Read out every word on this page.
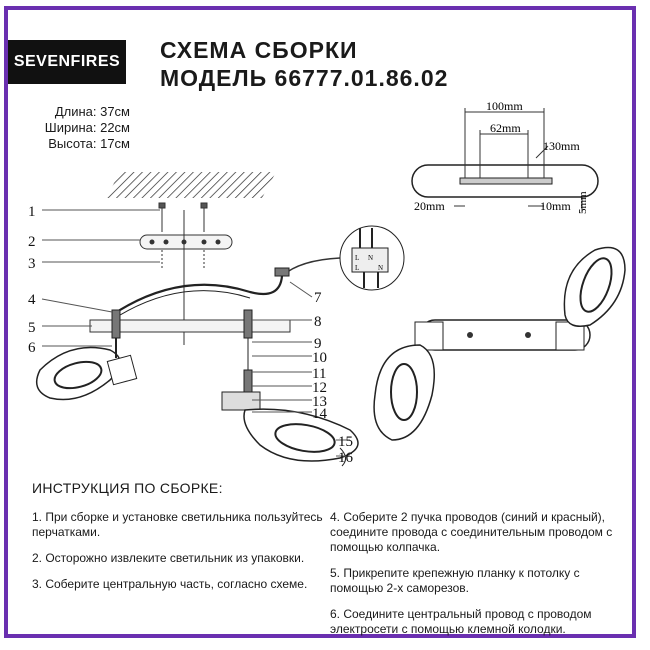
SEVENFIRES СХЕМА СБОРКИ
МОДЕЛЬ 66777.01.86.02
Длина: 37см
Ширина: 22см
Высота: 17см
L N
L	N
1
2
3
4
5
6
7
8
9
10
11
12
13
14
15
16
100mm
62mm
130mm
20mm	10mm 5mm
ИНСТРУКЦИЯ ПО СБОРКЕ:

1. При сборке и установке светильника пользуйтесь перчатками.

2. Осторожно извлеките светильник из упаковки.

3. Соберите центральную часть, согласно схеме.

4. Соберите 2 пучка проводов (синий и красный), соедините провода с соединительным проводом с помощью колпачка.

5. Прикрепите крепежную планку к потолку с помощью 2-х саморезов.

6. Соедините центральный провод с проводом электросети с помощью клемной колодки.
